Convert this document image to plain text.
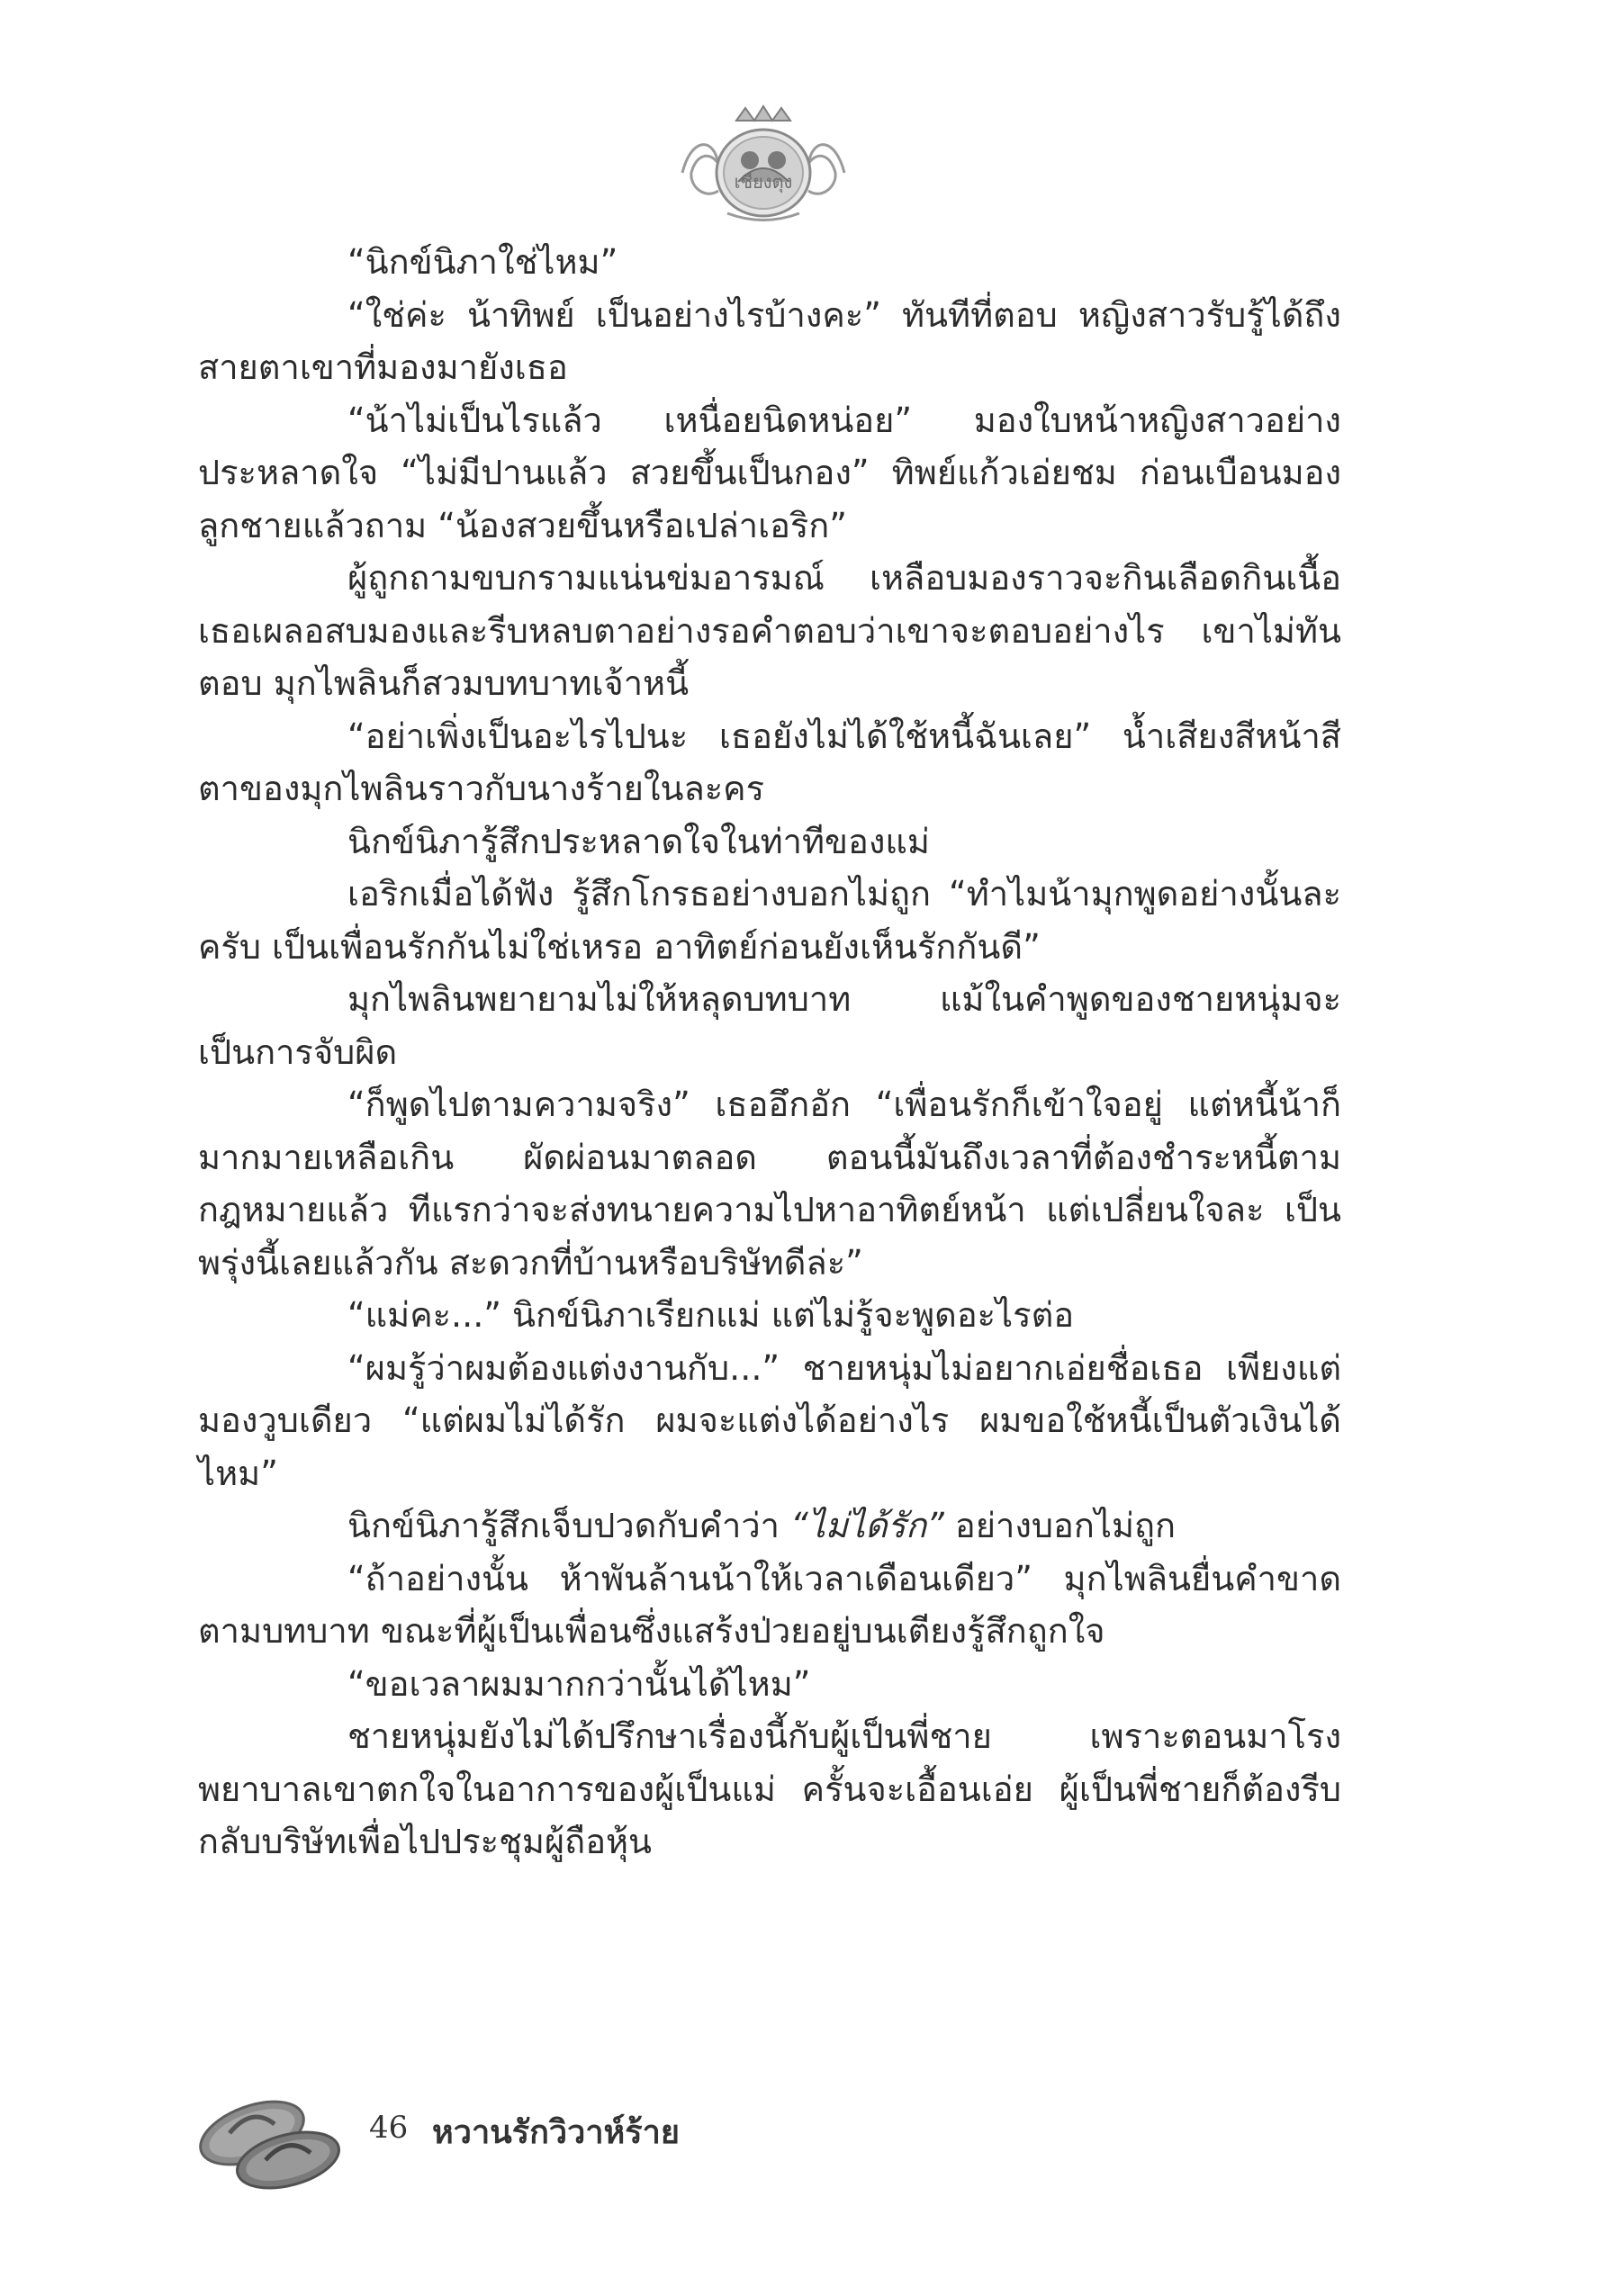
เชียงตุง

“นิกข์นิภาใช่ไหม”

“ใช่ค่ะ น้าทิพย์ เป็นอย่างไรบ้างคะ” ทันทีที่ตอบ หญิงสาวรับรู้ได้ถึงสายตาเขาที่มองมายังเธอ

“น้าไม่เป็นไรแล้ว เหนื่อยนิดหน่อย” มองใบหน้าหญิงสาวอย่างประหลาดใจ “ไม่มีปานแล้ว สวยขึ้นเป็นกอง” ทิพย์แก้วเอ่ยชม ก่อนเบือนมองลูกชายแล้วถาม “น้องสวยขึ้นหรือเปล่าเอริก”

ผู้ถูกถามขบกรามแน่นข่มอารมณ์ เหลือบมองราวจะกินเลือดกินเนื้อ เธอเผลอสบมองและรีบหลบตาอย่างรอคำตอบว่าเขาจะตอบอย่างไร เขาไม่ทันตอบ มุกไพลินก็สวมบทบาทเจ้าหนี้

“อย่าเพิ่งเป็นอะไรไปนะ เธอยังไม่ได้ใช้หนี้ฉันเลย” น้ำเสียงสีหน้าสีตาของมุกไพลินราวกับนางร้ายในละคร

นิกข์นิภารู้สึกประหลาดใจในท่าทีของแม่

เอริกเมื่อได้ฟัง รู้สึกโกรธอย่างบอกไม่ถูก “ทำไมน้ามุกพูดอย่างนั้นละครับ เป็นเพื่อนรักกันไม่ใช่เหรอ อาทิตย์ก่อนยังเห็นรักกันดี”

มุกไพลินพยายามไม่ให้หลุดบทบาท แม้ในคำพูดของชายหนุ่มจะเป็นการจับผิด

“ก็พูดไปตามความจริง” เธออึกอัก “เพื่อนรักก็เข้าใจอยู่ แต่หนี้น้าก็มากมายเหลือเกิน ผัดผ่อนมาตลอด ตอนนี้มันถึงเวลาที่ต้องชำระหนี้ตามกฎหมายแล้ว ทีแรกว่าจะส่งทนายความไปหาอาทิตย์หน้า แต่เปลี่ยนใจละ เป็นพรุ่งนี้เลยแล้วกัน สะดวกที่บ้านหรือบริษัทดีล่ะ”

“แม่คะ...” นิกข์นิภาเรียกแม่ แต่ไม่รู้จะพูดอะไรต่อ

“ผมรู้ว่าผมต้องแต่งงานกับ...” ชายหนุ่มไม่อยากเอ่ยชื่อเธอ เพียงแต่มองวูบเดียว “แต่ผมไม่ได้รัก ผมจะแต่งได้อย่างไร ผมขอใช้หนี้เป็นตัวเงินได้ไหม”

นิกข์นิภารู้สึกเจ็บปวดกับคำว่า “ไม่ได้รัก” อย่างบอกไม่ถูก

“ถ้าอย่างนั้น ห้าพันล้านน้าให้เวลาเดือนเดียว” มุกไพลินยื่นคำขาดตามบทบาท ขณะที่ผู้เป็นเพื่อนซึ่งแสร้งป่วยอยู่บนเตียงรู้สึกถูกใจ

“ขอเวลาผมมากกว่านั้นได้ไหม”

ชายหนุ่มยังไม่ได้ปรึกษาเรื่องนี้กับผู้เป็นพี่ชาย เพราะตอนมาโรงพยาบาลเขาตกใจในอาการของผู้เป็นแม่ ครั้นจะเอื้อนเอ่ย ผู้เป็นพี่ชายก็ต้องรีบกลับบริษัทเพื่อไปประชุมผู้ถือหุ้น

46 หวานรักวิวาห์ร้าย
